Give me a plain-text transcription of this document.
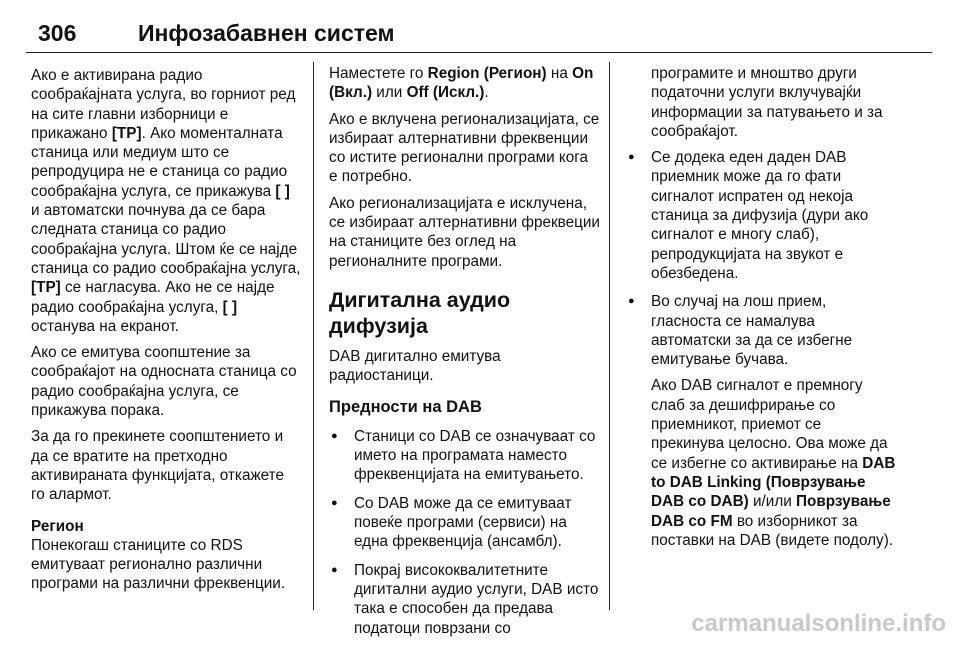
306	Инфозабавнен систем

Ако е активирана радио сообраќајната услуга, во горниот ред на сите главни изборници е прикажано [TP]. Ако моменталната станица или медиум што се репродуцира не е станица со радио сообраќајна услуга, се прикажува [ ] и автоматски почнува да се бара следната станица со радио сообраќајна услуга. Штом ќе се најде станица со радио сообраќајна услуга, [TP] се нагласува. Ако не се најде радио сообраќајна услуга, [ ] останува на екранот.

Ако се емитува соопштение за сообраќајот на односната станица со радио сообраќајна услуга, се прикажува порака.

За да го прекинете соопштението и да се вратите на претходно активираната функцијата, откажете го алармот.

Регион

Понекогаш станиците со RDS емитуваат регионално различни програми на различни фреквенции.

Наместете го Region (Регион) на On (Вкл.) или Off (Искл.).

Ако е вклучена регионализацијата, се избираат алтернативни фреквенции со истите регионални програми кога е потребно.

Ако регионализацијата е исклучена, се избираат алтернативни фреквеции на станиците без оглед на регионалните програми.

Дигитална аудио дифузија

DAB дигитално емитува радиостаници.

Предности на DAB

● Станици со DAB се означуваат со името на програмата наместо фреквенцијата на емитувањето.
● Со DAB може да се емитуваат повеќе програми (сервиси) на една фреквенција (ансамбл).
● Покрај висококвалитетните дигитални аудио услуги, DAB исто така е способен да предава податоци поврзани со

програмите и мноштво други податочни услуги вклучувајќи информации за патувањето и за сообраќајот.

● Се додека еден даден DAB приемник може да го фати сигналот испратен од некоја станица за дифузија (дури ако сигналот е многу слаб), репродукцијата на звукот е обезбедена.

● Во случај на лош прием, гласноста се намалува автоматски за да се избегне емитување бучава.

Ако DAB сигналот е премногу слаб за дешифрирање со приемникот, приемот се прекинува целосно. Ова може да се избегне со активирање на DAB to DAB Linking (Поврзување DAB со DAB) и/или Поврзување DAB со FM во изборникот за поставки на DAB (видете подолу).

carmanualsonline.info
